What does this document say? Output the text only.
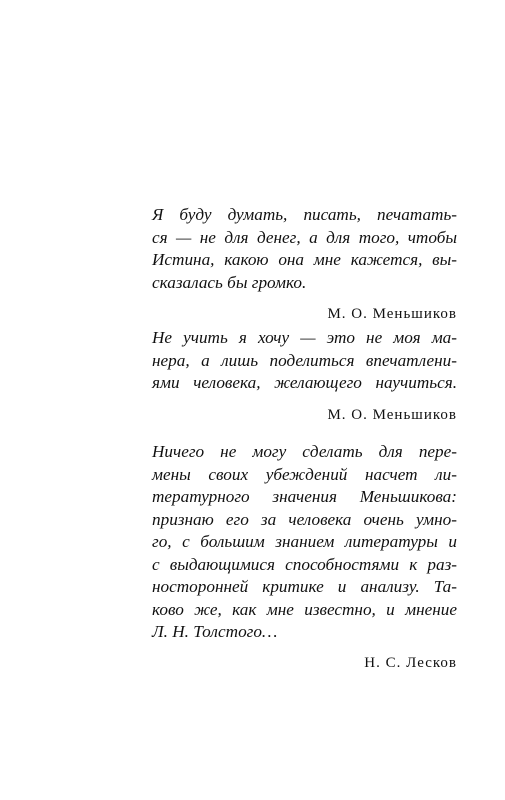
Я буду думать, писать, печатать-
ся — не для денег, а для того, чтобы
Истина, какою она мне кажется, вы-
сказалась бы громко.

М. О. Меньшиков

Не учить я хочу — это не моя ма-
нера, а лишь поделиться впечатлени-
ями человека, желающего научиться.

М. О. Меньшиков

Ничего не могу сделать для пере-
мены своих убеждений насчет ли-
тературного значения Меньшикова:
признаю его за человека очень умно-
го, с большим знанием литературы и
с выдающимися способностями к раз-
носторонней критике и анализу. Та-
ково же, как мне известно, и мнение
Л. Н. Толстого…

Н. С. Лесков
